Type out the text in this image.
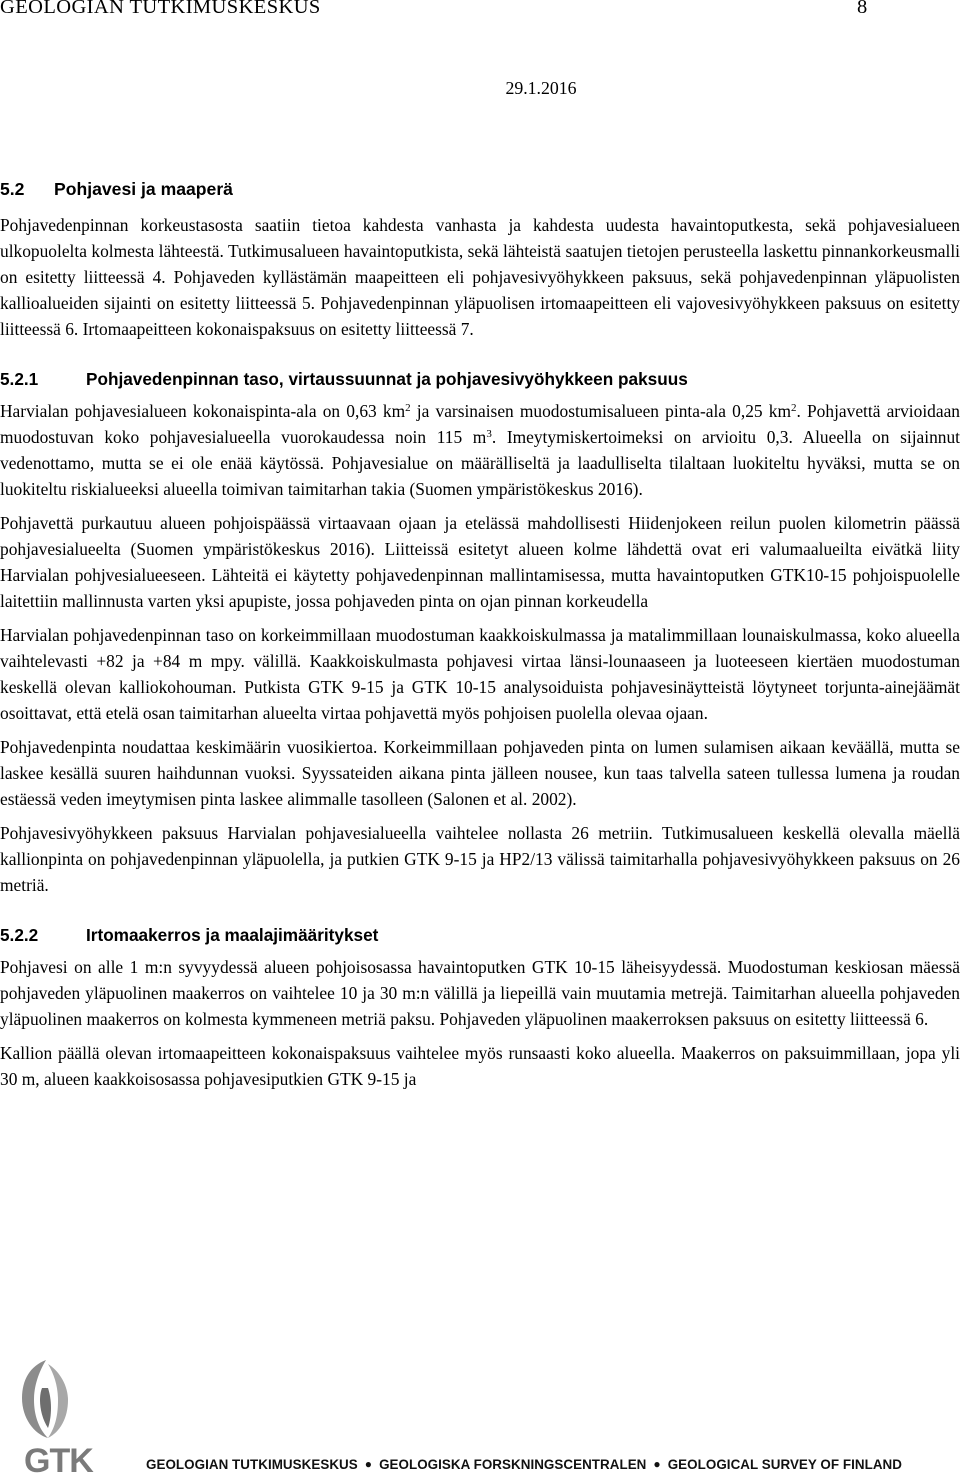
GEOLOGIAN TUTKIMUSKESKUS	8
29.1.2016
5.2 Pohjavesi ja maaperä

Pohjavedenpinnan korkeustasosta saatiin tietoa kahdesta vanhasta ja kahdesta uudesta havaintoputkesta, sekä pohjavesialueen ulkopuolelta kolmesta lähteestä. Tutkimusalueen havaintoputkista, sekä lähteistä saatujen tietojen perusteella laskettu pinnankorkeusmalli on esitetty liitteessä 4. Pohjaveden kyllästämän maapeitteen eli pohjavesivyöhykkeen paksuus, sekä pohjavedenpinnan yläpuolisten kallioalueiden sijainti on esitetty liitteessä 5. Pohjavedenpinnan yläpuolisen irtomaapeitteen eli vajovesivyöhykkeen paksuus on esitetty liitteessä 6. Irtomaapeitteen kokonaispaksuus on esitetty liitteessä 7.

5.2.1	Pohjavedenpinnan taso, virtaussuunnat ja pohjavesivyöhykkeen paksuus

Harvialan pohjavesialueen kokonaispinta-ala on 0,63 $km^2$ ja varsinaisen muodostumisalueen pinta-ala 0,25 $km^2$. Pohjavettä arvioidaan muodostuvan koko pohjavesialueella vuorokaudessa noin 115 $m^3$. Imeytymiskertoimeksi on arvioitu 0,3. Alueella on sijainnut vedenottamo, mutta se ei ole enää käytössä. Pohjavesialue on määrälliseltä ja laadulliselta tilaltaan luokiteltu hyväksi, mutta se on luokiteltu riskialueeksi alueella toimivan taimitarhan takia (Suomen ympäristökeskus 2016).

Pohjavettä purkautuu alueen pohjoispäässä virtaavaan ojaan ja etelässä mahdollisesti Hiidenjokeen reilun puolen kilometrin päässä pohjavesialueelta (Suomen ympäristökeskus 2016). Liitteissä esitetyt alueen kolme lähdettä ovat eri valumaalueilta eivätkä liity Harvialan pohjvesialueeseen. Lähteitä ei käytetty pohjavedenpinnan mallintamisessa, mutta havaintoputken GTK10-15 pohjoispuolelle laitettiin mallinnusta varten yksi apupiste, jossa pohjaveden pinta on ojan pinnan korkeudella

Harvialan pohjavedenpinnan taso on korkeimmillaan muodostuman kaakkoiskulmassa ja matalimmillaan lounaiskulmassa, koko alueella vaihtelevasti +82 ja +84 m mpy. välillä. Kaakkoiskulmasta pohjavesi virtaa länsi-lounaaseen ja luoteeseen kiertäen muodostuman keskellä olevan kalliokohouman. Putkista GTK 9-15 ja GTK 10-15 analysoiduista pohjavesinäytteistä löytyneet torjunta-ainejäämät osoittavat, että etelä osan taimitarhan alueelta virtaa pohjavettä myös pohjoisen puolella olevaa ojaan.

Pohjavedenpinta noudattaa keskimäärin vuosikiertoa. Korkeimmillaan pohjaveden pinta on lumen sulamisen aikaan keväällä, mutta se laskee kesällä suuren haihdunnan vuoksi. Syyssateiden aikana pinta jälleen nousee, kun taas talvella sateen tullessa lumena ja roudan estäessä veden imeytymisen pinta laskee alimmalle tasolleen (Salonen et al. 2002).

Pohjavesivyöhykkeen paksuus Harvialan pohjavesialueella vaihtelee nollasta 26 metriin. Tutkimusalueen keskellä olevalla mäellä kallionpinta on pohjavedenpinnan yläpuolella, ja putkien GTK 9-15 ja HP2/13 välissä taimitarhalla pohjavesivyöhykkeen paksuus on 26 metriä.

5.2.2	Irtomaakerros ja maalajimääritykset

Pohjavesi on alle 1 m:n syvyydessä alueen pohjoisosassa havaintoputken GTK 10-15 läheisyydessä. Muodostuman keskiosan mäessä pohjaveden yläpuolinen maakerros on vaihtelee 10 ja 30 m:n välillä ja liepeillä vain muutamia metrejä. Taimitarhan alueella pohjaveden yläpuolinen maakerros on kolmesta kymmeneen metriä paksu. Pohjaveden yläpuolinen maakerroksen paksuus on esitetty liitteessä 6.

Kallion päällä olevan irtomaapeitteen kokonaispaksuus vaihtelee myös runsaasti koko alueella. Maakerros on paksuimmillaan, jopa yli 30 m, alueen kaakkoisosassa pohjavesiputkien GTK 9-15 ja

GTK	GEOLOGIAN TUTKIMUSKESKUS ● GEOLOGISKA FORSKNINGSCENTRALEN ● GEOLOGICAL SURVEY OF FINLAND
